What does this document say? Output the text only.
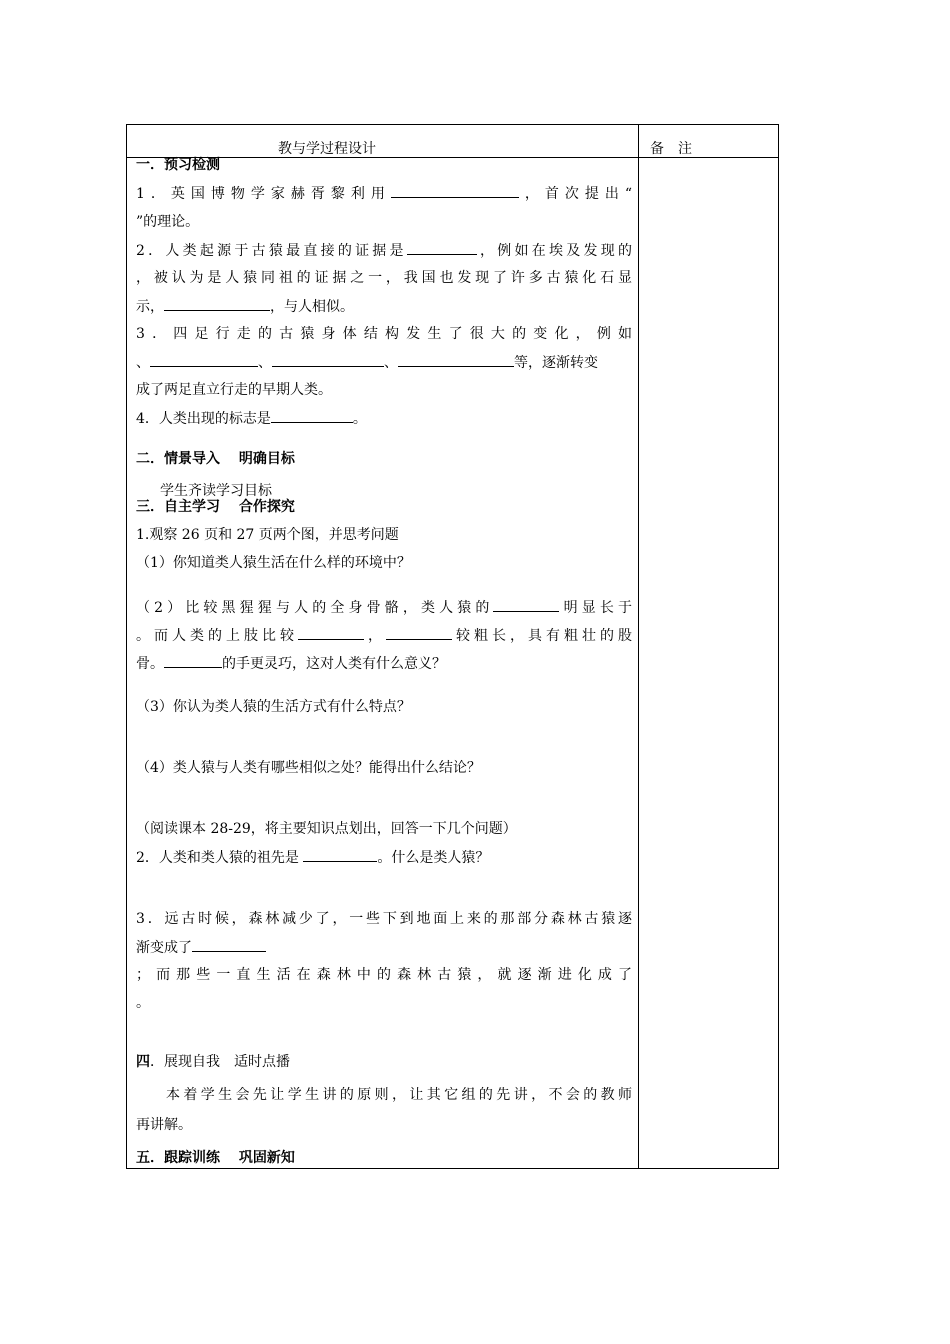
教与学过程设计	备　注
一．预习检测
1．英国博物学家赫胥黎利用	，首次提出“
”的理论。
2．人类起源于古猿最直接的证据是	，例如在埃及发现的
，被认为是人猿同祖的证据之一，我国也发现了许多古猿化石显
示，	，与人相似。
3．四足行走的古猿身体结构发生了很大的变化，例如
、	、	、	等，逐渐转变
成了两足直立行走的早期人类。
4．人类出现的标志是	。
二．情景导入　 明确目标
学生齐读学习目标
三．自主学习　 合作探究
1.观察 26 页和 27 页两个图，并思考问题
（1）你知道类人猿生活在什么样的环境中？
（2）比较黑猩猩与人的全身骨骼，类人猿的	明显长于
。而人类的上肢比较	，	较粗长，具有粗壮的股
骨。	的手更灵巧，这对人类有什么意义？
（3）你认为类人猿的生活方式有什么特点？
（4）类人猿与人类有哪些相似之处？能得出什么结论？
（阅读课本 28-29，将主要知识点划出，回答一下几个问题）
2．人类和类人猿的祖先是	。什么是类人猿？
3．远古时候，森林减少了，一些下到地面上来的那部分森林古猿逐
渐变成了
；而那些一直生活在森林中的森林古猿，就逐渐进化成了
。
四．展现自我　适时点播
本着学生会先让学生讲的原则，让其它组的先讲，不会的教师
再讲解。
五．跟踪训练　 巩固新知
